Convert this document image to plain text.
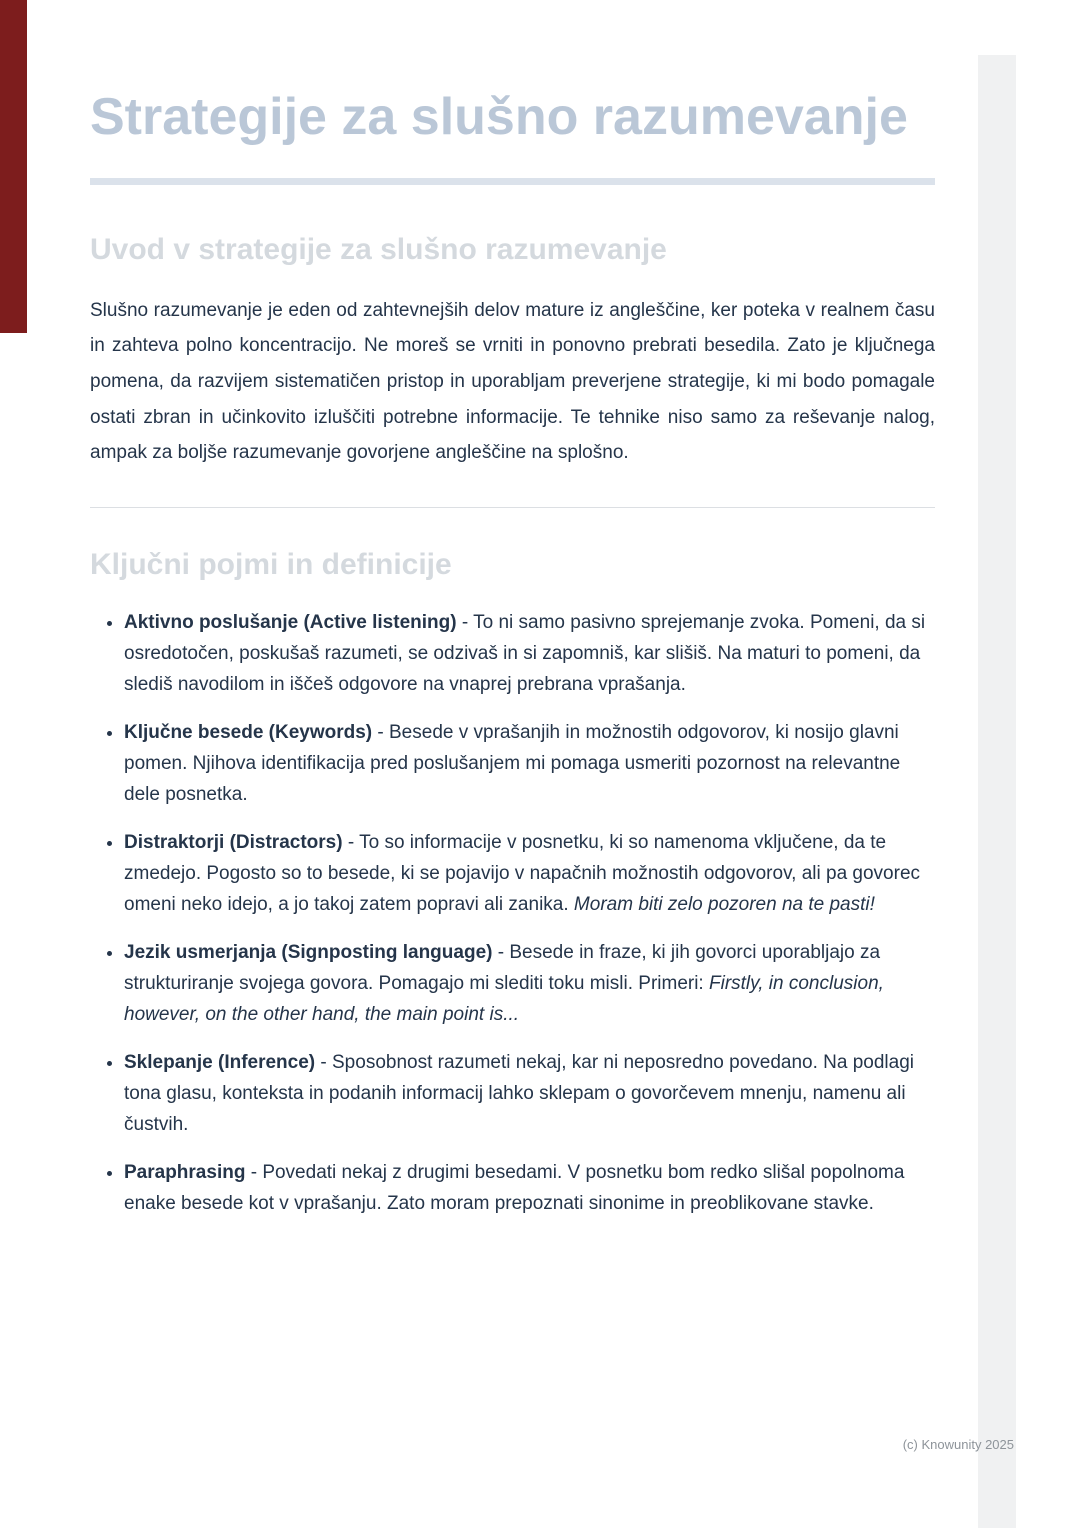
Strategije za slušno razumevanje
Uvod v strategije za slušno razumevanje

Slušno razumevanje je eden od zahtevnejših delov mature iz angleščine, ker poteka v realnem času in zahteva polno koncentracijo. Ne moreš se vrniti in ponovno prebrati besedila. Zato je ključnega pomena, da razvijem sistematičen pristop in uporabljam preverjene strategije, ki mi bodo pomagale ostati zbran in učinkovito izluščiti potrebne informacije. Te tehnike niso samo za reševanje nalog, ampak za boljše razumevanje govorjene angleščine na splošno.

Ključni pojmi in definicije
• Aktivno poslušanje (Active listening) - To ni samo pasivno sprejemanje zvoka. Pomeni, da si osredotočen, poskušaš razumeti, se odzivaš in si zapomniš, kar slišiš. Na maturi to pomeni, da slediš navodilom in iščeš odgovore na vnaprej prebrana vprašanja.
• Ključne besede (Keywords) - Besede v vprašanjih in možnostih odgovorov, ki nosijo glavni pomen. Njihova identifikacija pred poslušanjem mi pomaga usmeriti pozornost na relevantne dele posnetka.
• Distraktorji (Distractors) - To so informacije v posnetku, ki so namenoma vključene, da te zmedejo. Pogosto so to besede, ki se pojavijo v napačnih možnostih odgovorov, ali pa govorec omeni neko idejo, a jo takoj zatem popravi ali zanika. Moram biti zelo pozoren na te pasti!
• Jezik usmerjanja (Signposting language) - Besede in fraze, ki jih govorci uporabljajo za strukturiranje svojega govora. Pomagajo mi slediti toku misli. Primeri: Firstly, in conclusion, however, on the other hand, the main point is...
• Sklepanje (Inference) - Sposobnost razumeti nekaj, kar ni neposredno povedano. Na podlagi tona glasu, konteksta in podanih informacij lahko sklepam o govorčevem mnenju, namenu ali čustvih.
• Paraphrasing - Povedati nekaj z drugimi besedami. V posnetku bom redko slišal popolnoma enake besede kot v vprašanju. Zato moram prepoznati sinonime in preoblikovane stavke.
(c) Knowunity 2025
